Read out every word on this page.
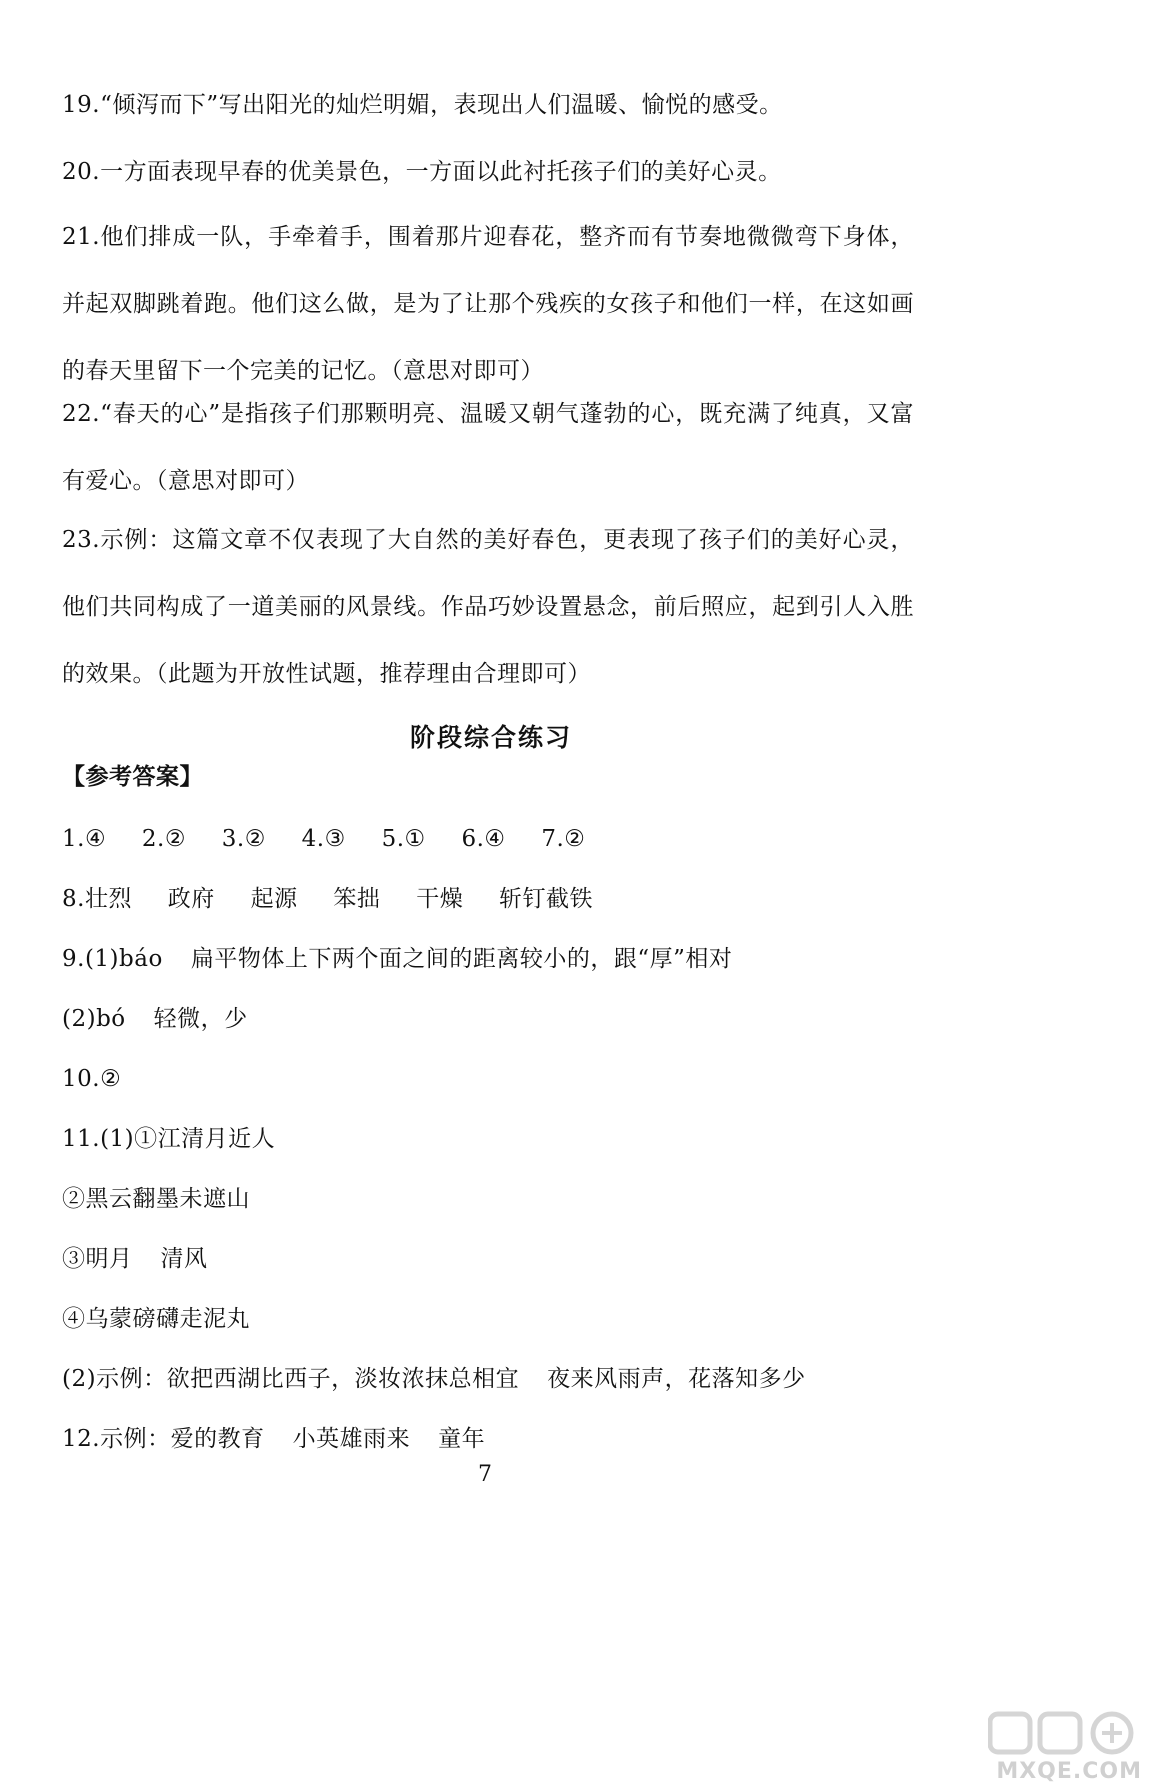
19.“倾泻而下”写出阳光的灿烂明媚，表现出人们温暖、愉悦的感受。
20.一方面表现早春的优美景色，一方面以此衬托孩子们的美好心灵。
21.他们排成一队，手牵着手，围着那片迎春花，整齐而有节奏地微微弯下身体，并起双脚跳着跑。他们这么做，是为了让那个残疾的女孩子和他们一样，在这如画的春天里留下一个完美的记忆。（意思对即可）
22.“春天的心”是指孩子们那颗明亮、温暖又朝气蓬勃的心，既充满了纯真，又富有爱心。（意思对即可）
23.示例：这篇文章不仅表现了大自然的美好春色，更表现了孩子们的美好心灵，他们共同构成了一道美丽的风景线。作品巧妙设置悬念，前后照应，起到引人入胜的效果。（此题为开放性试题，推荐理由合理即可）
阶段综合练习
【参考答案】
1.④ 2.② 3.② 4.③ 5.① 6.④ 7.②
8.壮烈 政府 起源 笨拙 干燥 斩钉截铁
9.(1)báo 扁平物体上下两个面之间的距离较小的，跟“厚”相对
(2)bó 轻微，少
10.②
11.(1)①江清月近人
②黑云翻墨未遮山
③明月 清风
④乌蒙磅礴走泥丸
(2)示例：欲把西湖比西子，淡妆浓抹总相宜 夜来风雨声，花落知多少
12.示例：爱的教育 小英雄雨来 童年
7
MXQE.COM
